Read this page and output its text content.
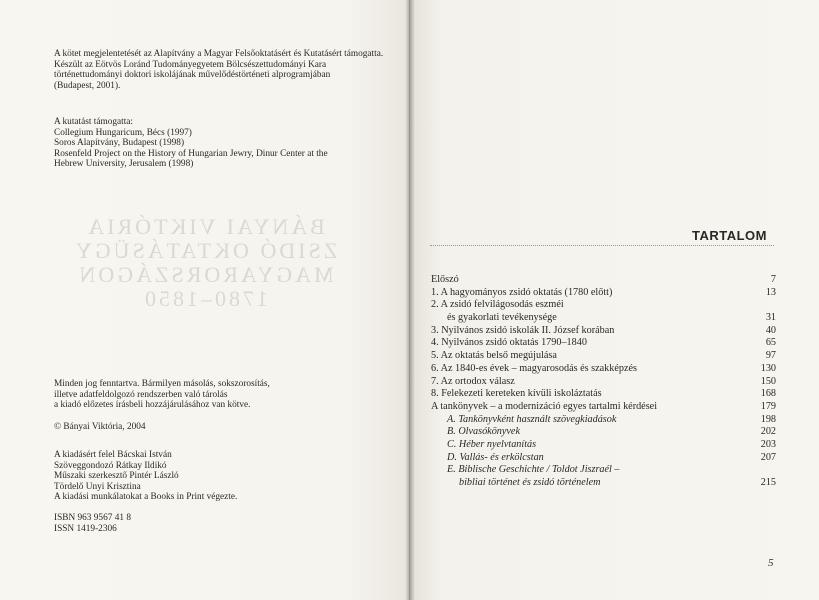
BÁNYAI VIKTÓRIA
ZSIDÓ OKTATÁSÜGY
MAGYARORSZÁGON
1780–1850
A kötet megjelentetését az Alapítvány a Magyar Felsőoktatásért és Kutatásért támogatta.
Készült az Eötvös Loránd Tudományegyetem Bölcsészettudományi Kara
történettudományi doktori iskolájának művelődéstörténeti alprogramjában
(Budapest, 2001).
A kutatást támogatta:
Collegium Hungaricum, Bécs (1997)
Soros Alapítvány, Budapest (1998)
Rosenfeld Project on the History of Hungarian Jewry, Dinur Center at the
Hebrew University, Jerusalem (1998)
Minden jog fenntartva. Bármilyen másolás, sokszorosítás,
illetve adatfeldolgozó rendszerben való tárolás
a kiadó előzetes írásbeli hozzájárulásához van kötve.
© Bányai Viktória, 2004
A kiadásért felel Bácskai István
Szöveggondozó Rátkay Ildikó
Műszaki szerkesztő Pintér László
Tördelő Unyi Krisztina
A kiadási munkálatokat a Books in Print végezte.
ISBN 963 9567 41 8
ISSN 1419-2306
TARTALOM
Előszó	7
1. A hagyományos zsidó oktatás (1780 előtt)	13
2. A zsidó felvilágosodás eszméi
és gyakorlati tevékenysége	31
3. Nyilvános zsidó iskolák II. József korában	40
4. Nyilvános zsidó oktatás 1790–1840	65
5. Az oktatás belső megújulása	97
6. Az 1840-es évek – magyarosodás és szakképzés	130
7. Az ortodox válasz	150
8. Felekezeti kereteken kívüli iskoláztatás	168
A tankönyvek – a modernizáció egyes tartalmi kérdései	179
A. Tankönyvként használt szövegkiadások	198
B. Olvasókönyvek	202
C. Héber nyelvtanítás	203
D. Vallás- és erkölcstan	207
E. Biblische Geschichte / Toldot Jiszraél –
bibliai történet és zsidó történelem	215
5
